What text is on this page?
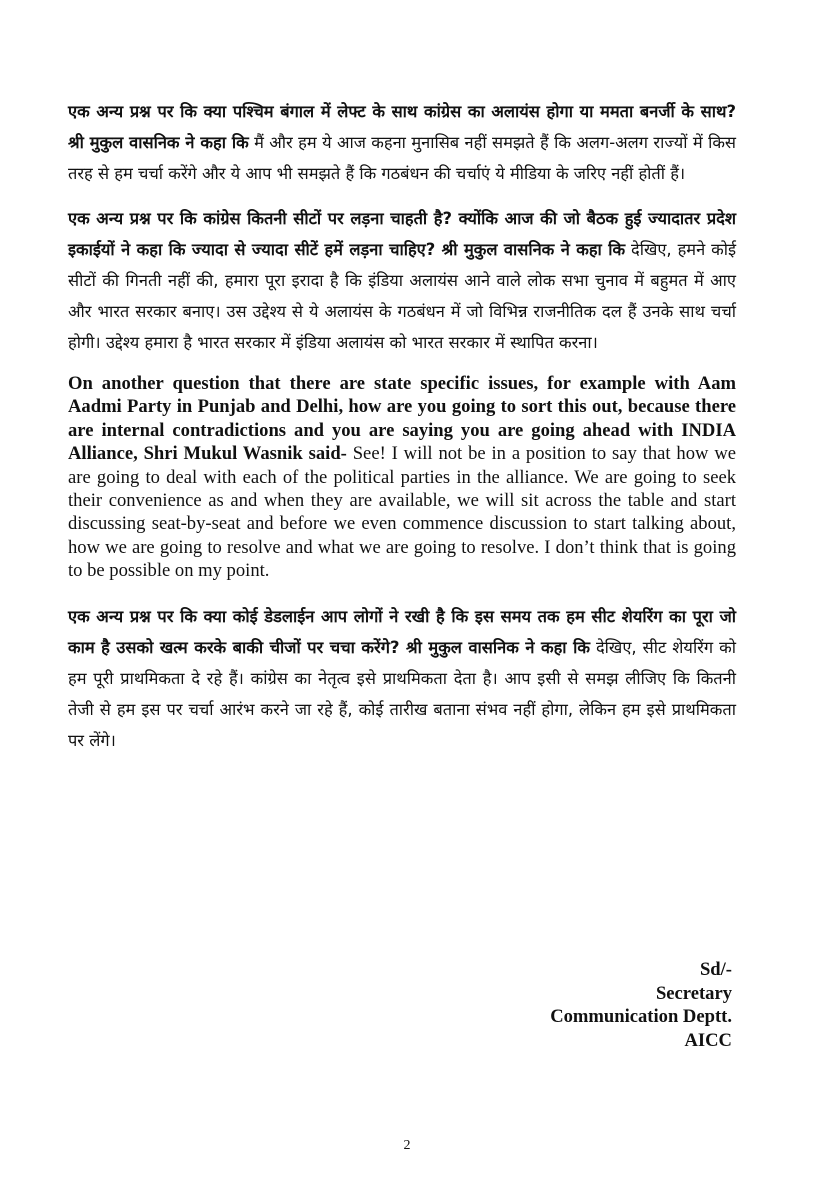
एक अन्य प्रश्न पर कि क्या पश्चिम बंगाल में लेफ्ट के साथ कांग्रेस का अलायंस होगा या ममता बनर्जी के साथ? श्री मुकुल वासनिक ने कहा कि मैं और हम ये आज कहना मुनासिब नहीं समझते हैं कि अलग-अलग राज्यों में किस तरह से हम चर्चा करेंगे और ये आप भी समझते हैं कि गठबंधन की चर्चाएं ये मीडिया के जरिए नहीं होतीं हैं।

एक अन्य प्रश्न पर कि कांग्रेस कितनी सीटों पर लड़ना चाहती है? क्योंकि आज की जो बैठक हुई ज्यादातर प्रदेश इकाईयों ने कहा कि ज्यादा से ज्यादा सीटें हमें लड़ना चाहिए? श्री मुकुल वासनिक ने कहा कि देखिए, हमने कोई सीटों की गिनती नहीं की, हमारा पूरा इरादा है कि इंडिया अलायंस आने वाले लोक सभा चुनाव में बहुमत में आए और भारत सरकार बनाए। उस उद्देश्य से ये अलायंस के गठबंधन में जो विभिन्न राजनीतिक दल हैं उनके साथ चर्चा होगी। उद्देश्य हमारा है भारत सरकार में इंडिया अलायंस को भारत सरकार में स्थापित करना।

On another question that there are state specific issues, for example with Aam Aadmi Party in Punjab and Delhi, how are you going to sort this out, because there are internal contradictions and you are saying you are going ahead with INDIA Alliance, Shri Mukul Wasnik said- See! I will not be in a position to say that how we are going to deal with each of the political parties in the alliance. We are going to seek their convenience as and when they are available, we will sit across the table and start discussing seat-by-seat and before we even commence discussion to start talking about, how we are going to resolve and what we are going to resolve. I don’t think that is going to be possible on my point.

एक अन्य प्रश्न पर कि क्या कोई डेडलाईन आप लोगों ने रखी है कि इस समय तक हम सीट शेयरिंग का पूरा जो काम है उसको खत्म करके बाकी चीजों पर चचा करेंगे? श्री मुकुल वासनिक ने कहा कि देखिए, सीट शेयरिंग को हम पूरी प्राथमिकता दे रहे हैं। कांग्रेस का नेतृत्व इसे प्राथमिकता देता है। आप इसी से समझ लीजिए कि कितनी तेजी से हम इस पर चर्चा आरंभ करने जा रहे हैं, कोई तारीख बताना संभव नहीं होगा, लेकिन हम इसे प्राथमिकता पर लेंगे।

Sd/-
Secretary
Communication Deptt.
AICC
2
